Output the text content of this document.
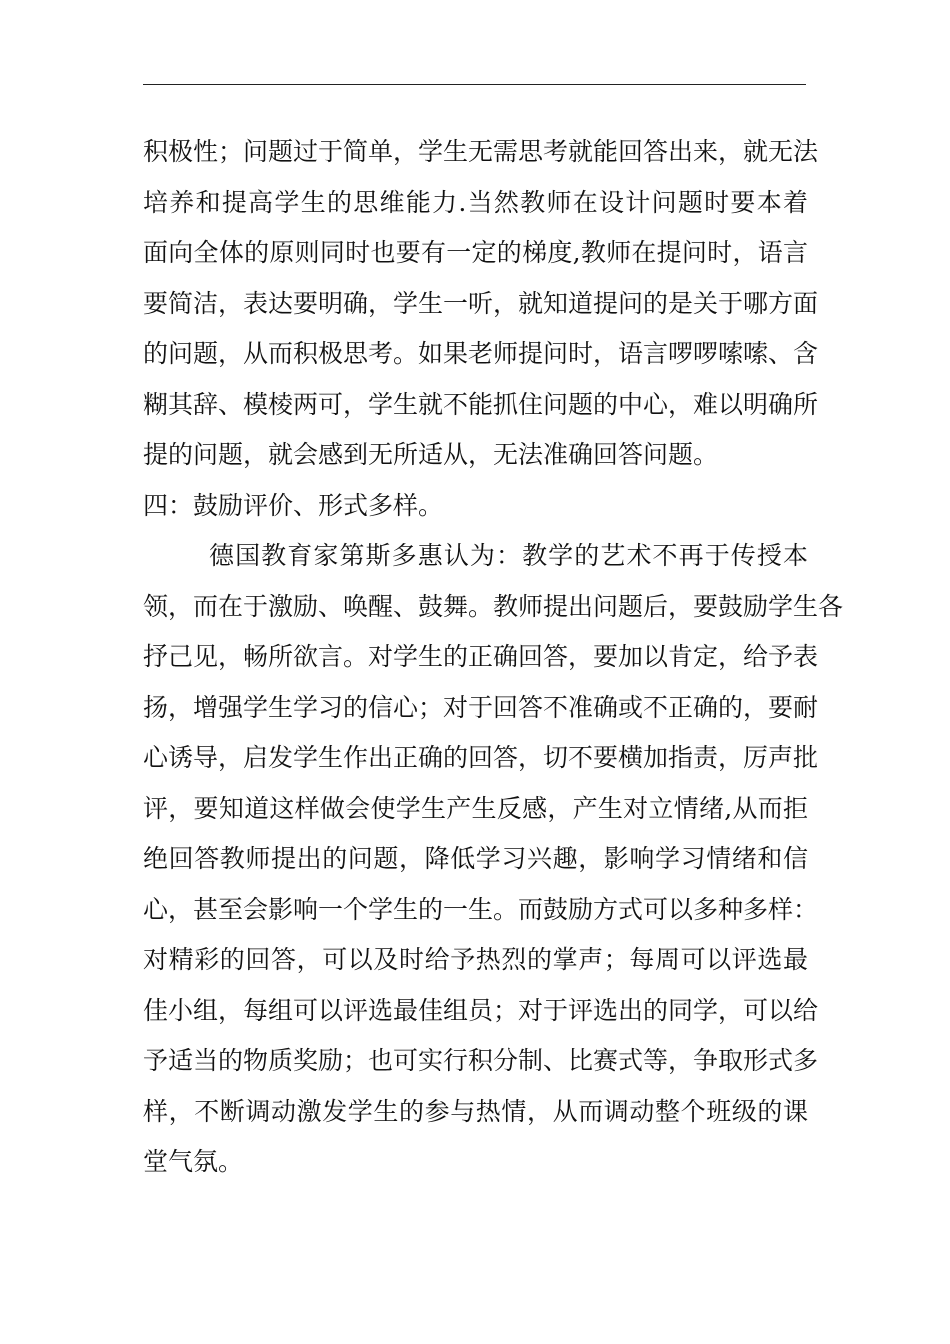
积极性；问题过于简单，学生无需思考就能回答出来，就无法
培养和提高学生的思维能力.当然教师在设计问题时要本着
面向全体的原则同时也要有一定的梯度,教师在提问时，语言
要简洁，表达要明确，学生一听，就知道提问的是关于哪方面
的问题，从而积极思考。如果老师提问时，语言啰啰嗦嗦、含
糊其辞、模棱两可，学生就不能抓住问题的中心，难以明确所
提的问题，就会感到无所适从，无法准确回答问题。
四：鼓励评价、形式多样。
德国教育家第斯多惠认为：教学的艺术不再于传授本
领，而在于激励、唤醒、鼓舞。教师提出问题后，要鼓励学生各
抒己见，畅所欲言。对学生的正确回答，要加以肯定，给予表
扬，增强学生学习的信心；对于回答不准确或不正确的，要耐
心诱导，启发学生作出正确的回答，切不要横加指责，厉声批
评，要知道这样做会使学生产生反感，产生对立情绪,从而拒
绝回答教师提出的问题，降低学习兴趣，影响学习情绪和信
心，甚至会影响一个学生的一生。而鼓励方式可以多种多样：
对精彩的回答，可以及时给予热烈的掌声；每周可以评选最
佳小组，每组可以评选最佳组员；对于评选出的同学，可以给
予适当的物质奖励；也可实行积分制、比赛式等，争取形式多
样，不断调动激发学生的参与热情，从而调动整个班级的课
堂气氛。
